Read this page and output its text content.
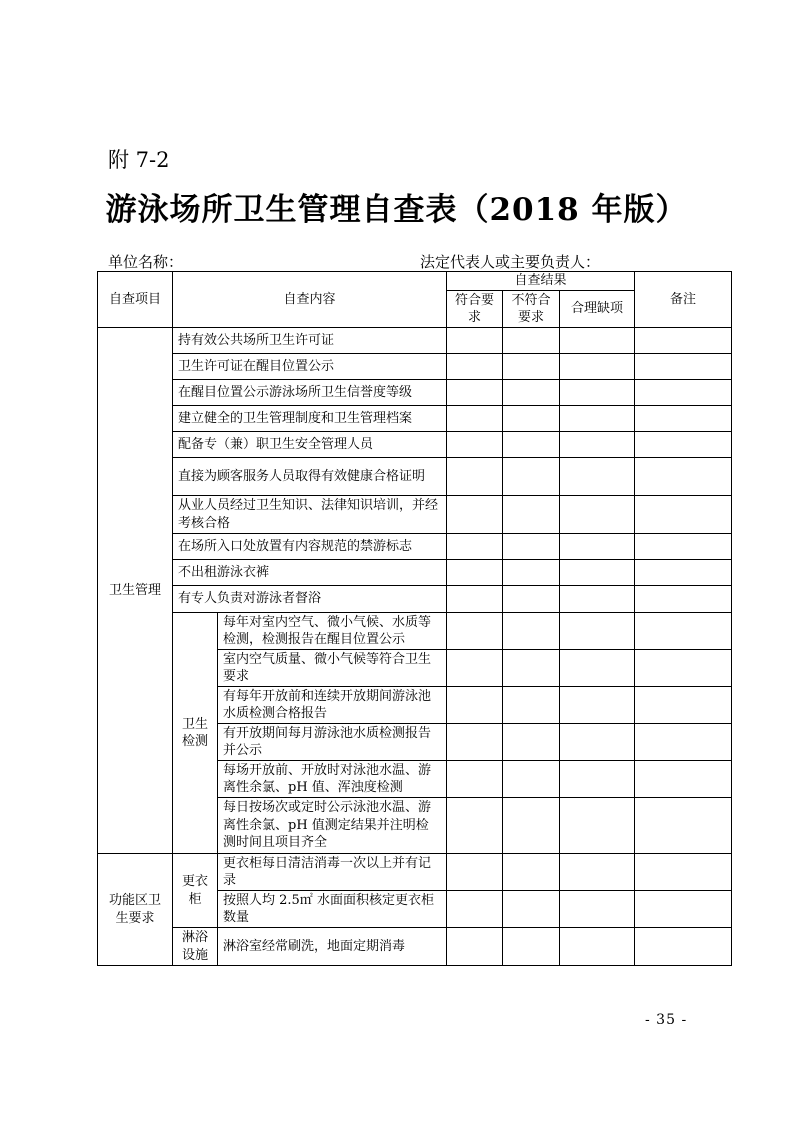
附 7-2
游泳场所卫生管理自查表（2018 年版）
单位名称：	法定代表人或主要负责人：
自查项目	自查内容		自查结果			备注
			符合要求	不符合要求	合理缺项	
卫生管理	持有效公共场所卫生许可证					
	卫生许可证在醒目位置公示					
	在醒目位置公示游泳场所卫生信誉度等级					
	建立健全的卫生管理制度和卫生管理档案					
	配备专（兼）职卫生安全管理人员					
	直接为顾客服务人员取得有效健康合格证明					
	从业人员经过卫生知识、法律知识培训，并经考核合格					
	在场所入口处放置有内容规范的禁游标志					
	不出租游泳衣裤					
	有专人负责对游泳者督浴					
	卫生检测	每年对室内空气、微小气候、水质等检测，检测报告在醒目位置公示				
		室内空气质量、微小气候等符合卫生要求				
		有每年开放前和连续开放期间游泳池水质检测合格报告				
		有开放期间每月游泳池水质检测报告并公示				
		每场开放前、开放时对泳池水温、游离性余氯、pH 值、浑浊度检测				
		每日按场次或定时公示泳池水温、游离性余氯、pH 值测定结果并注明检测时间且项目齐全				
功能区卫生要求	更衣柜	更衣柜每日清洁消毒一次以上并有记录				
		按照人均 2.5㎡ 水面面积核定更衣柜数量				
	淋浴设施	淋浴室经常刷洗，地面定期消毒				
- 35 -
